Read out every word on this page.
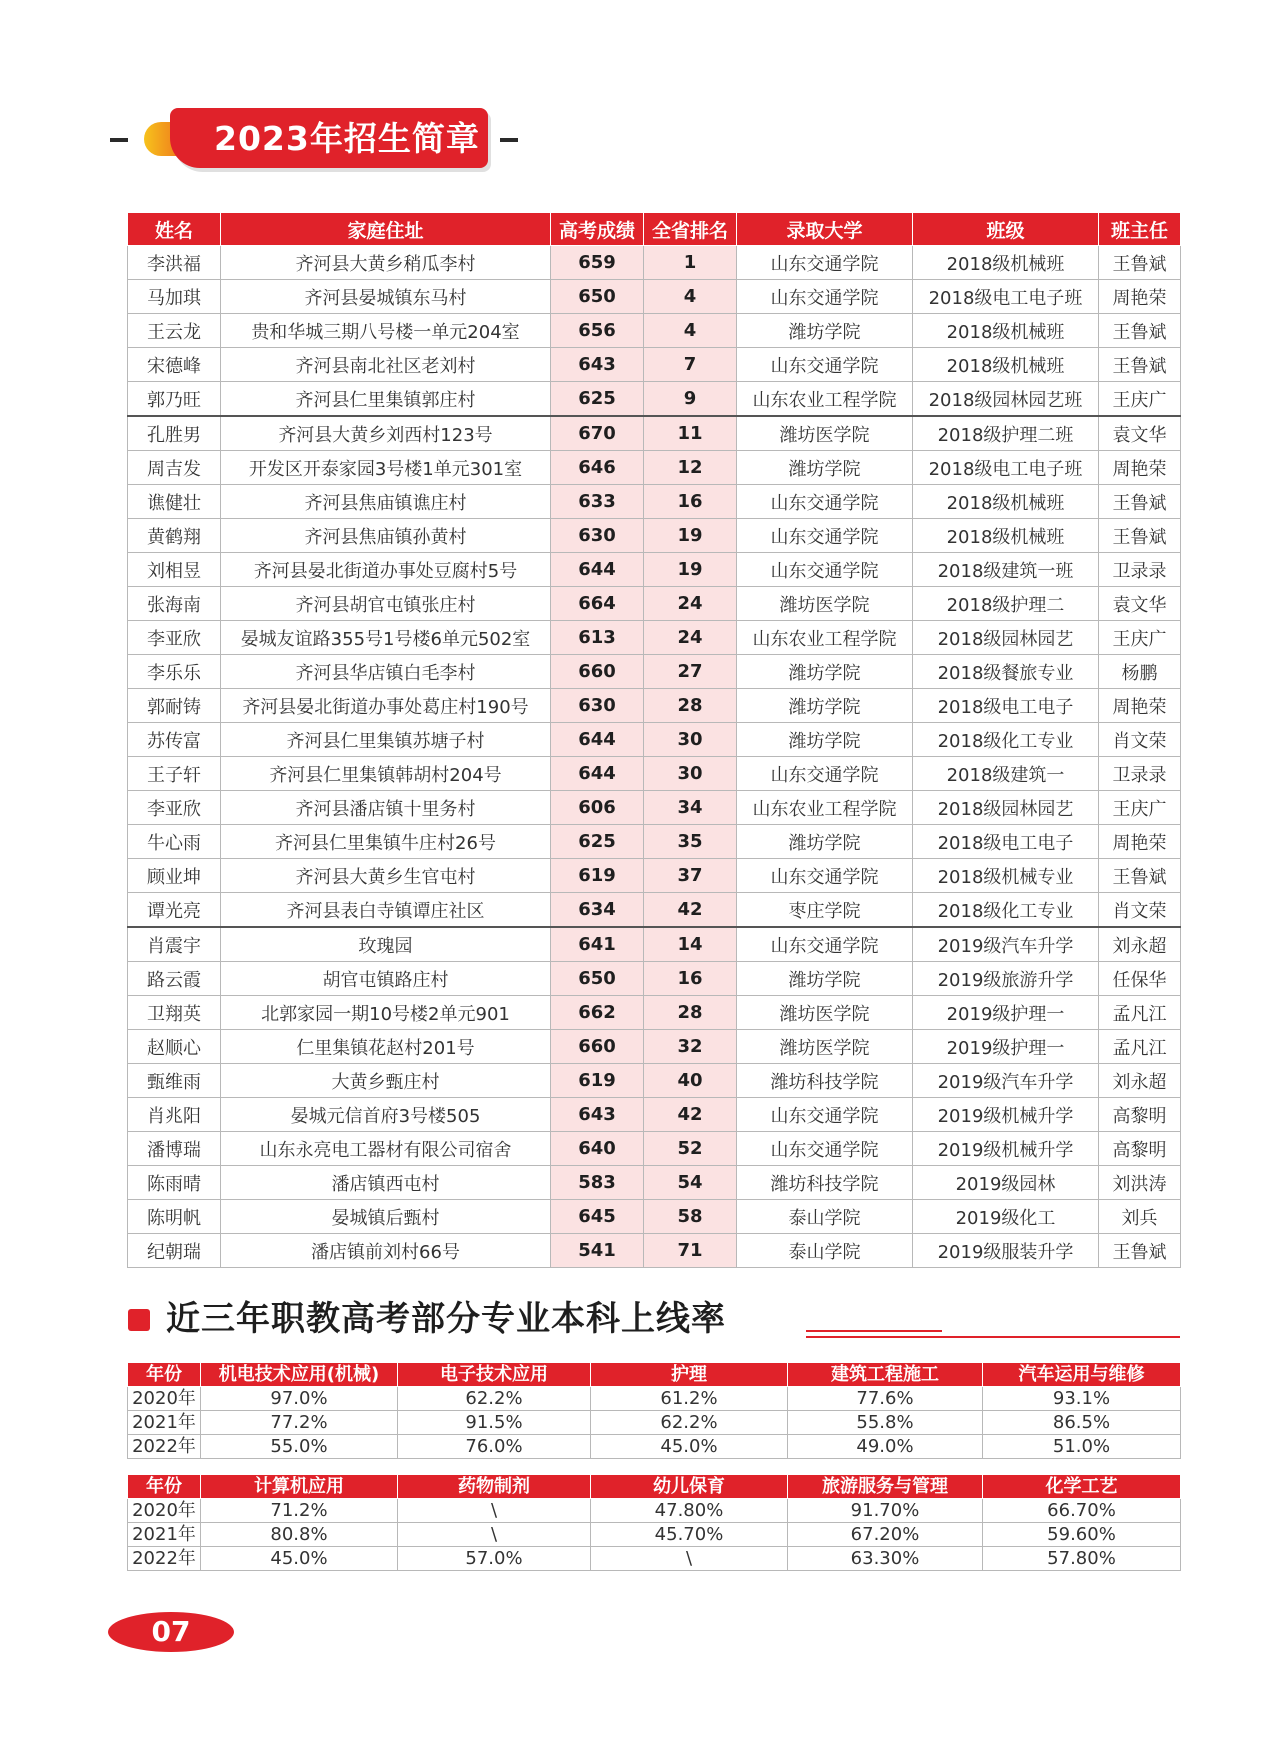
2023年招生简章
姓名	家庭住址	高考成绩	全省排名	录取大学	班级	班主任
李洪福	齐河县大黄乡稍瓜李村	659	1	山东交通学院	2018级机械班	王鲁斌
马加琪	齐河县晏城镇东马村	650	4	山东交通学院	2018级电工电子班	周艳荣
王云龙	贵和华城三期八号楼一单元204室	656	4	潍坊学院	2018级机械班	王鲁斌
宋德峰	齐河县南北社区老刘村	643	7	山东交通学院	2018级机械班	王鲁斌
郭乃旺	齐河县仁里集镇郭庄村	625	9	山东农业工程学院	2018级园林园艺班	王庆广
孔胜男	齐河县大黄乡刘西村123号	670	11	潍坊医学院	2018级护理二班	袁文华
周吉发	开发区开泰家园3号楼1单元301室	646	12	潍坊学院	2018级电工电子班	周艳荣
谯健壮	齐河县焦庙镇谯庄村	633	16	山东交通学院	2018级机械班	王鲁斌
黄鹤翔	齐河县焦庙镇孙黄村	630	19	山东交通学院	2018级机械班	王鲁斌
刘相昱	齐河县晏北街道办事处豆腐村5号	644	19	山东交通学院	2018级建筑一班	卫录录
张海南	齐河县胡官屯镇张庄村	664	24	潍坊医学院	2018级护理二	袁文华
李亚欣	晏城友谊路355号1号楼6单元502室	613	24	山东农业工程学院	2018级园林园艺	王庆广
李乐乐	齐河县华店镇白毛李村	660	27	潍坊学院	2018级餐旅专业	杨鹏
郭耐铸	齐河县晏北街道办事处葛庄村190号	630	28	潍坊学院	2018级电工电子	周艳荣
苏传富	齐河县仁里集镇苏塘子村	644	30	潍坊学院	2018级化工专业	肖文荣
王子轩	齐河县仁里集镇韩胡村204号	644	30	山东交通学院	2018级建筑一	卫录录
李亚欣	齐河县潘店镇十里务村	606	34	山东农业工程学院	2018级园林园艺	王庆广
牛心雨	齐河县仁里集镇牛庄村26号	625	35	潍坊学院	2018级电工电子	周艳荣
顾业坤	齐河县大黄乡生官屯村	619	37	山东交通学院	2018级机械专业	王鲁斌
谭光亮	齐河县表白寺镇谭庄社区	634	42	枣庄学院	2018级化工专业	肖文荣
肖震宇	玫瑰园	641	14	山东交通学院	2019级汽车升学	刘永超
路云霞	胡官屯镇路庄村	650	16	潍坊学院	2019级旅游升学	任保华
卫翔英	北郭家园一期10号楼2单元901	662	28	潍坊医学院	2019级护理一	孟凡江
赵顺心	仁里集镇花赵村201号	660	32	潍坊医学院	2019级护理一	孟凡江
甄维雨	大黄乡甄庄村	619	40	潍坊科技学院	2019级汽车升学	刘永超
肖兆阳	晏城元信首府3号楼505	643	42	山东交通学院	2019级机械升学	高黎明
潘博瑞	山东永亮电工器材有限公司宿舍	640	52	山东交通学院	2019级机械升学	高黎明
陈雨晴	潘店镇西屯村	583	54	潍坊科技学院	2019级园林	刘洪涛
陈明帆	晏城镇后甄村	645	58	泰山学院	2019级化工	刘兵
纪朝瑞	潘店镇前刘村66号	541	71	泰山学院	2019级服装升学	王鲁斌
近三年职教高考部分专业本科上线率
年份	机电技术应用(机械)	电子技术应用	护理	建筑工程施工	汽车运用与维修
2020年	97.0%	62.2%	61.2%	77.6%	93.1%
2021年	77.2%	91.5%	62.2%	55.8%	86.5%
2022年	55.0%	76.0%	45.0%	49.0%	51.0%
年份	计算机应用	药物制剂	幼儿保育	旅游服务与管理	化学工艺
2020年	71.2%	\	47.80%	91.70%	66.70%
2021年	80.8%	\	45.70%	67.20%	59.60%
2022年	45.0%	57.0%	\	63.30%	57.80%
07
